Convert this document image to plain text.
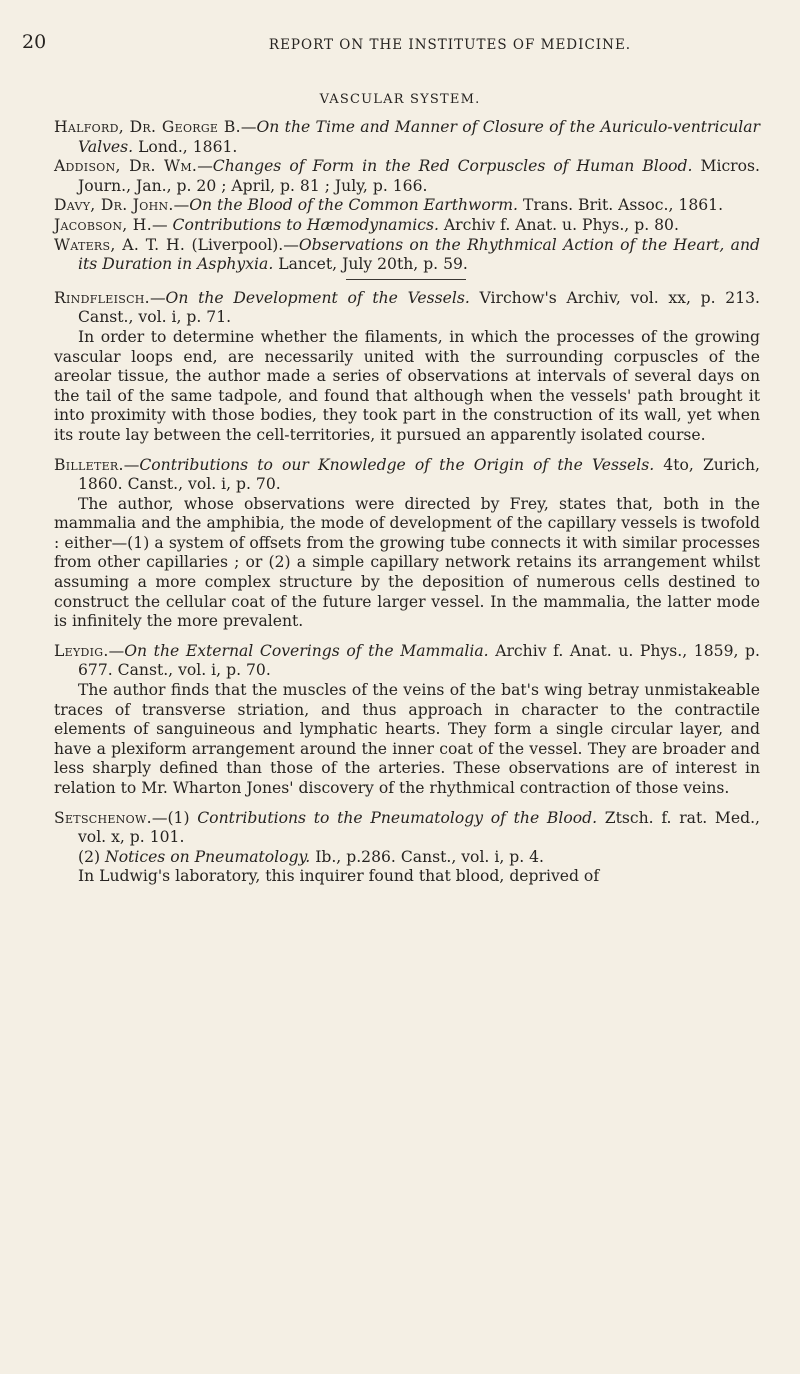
20	REPORT ON THE INSTITUTES OF MEDICINE.
VASCULAR SYSTEM.

Halford, Dr. George B.—On the Time and Manner of Closure of the Auriculo-ventricular Valves. Lond., 1861.

Addison, Dr. Wm.—Changes of Form in the Red Corpuscles of Human Blood. Micros. Journ., Jan., p. 20 ; April, p. 81 ; July, p. 166.

Davy, Dr. John.—On the Blood of the Common Earthworm. Trans. Brit. Assoc., 1861.

Jacobson, H.— Contributions to Hæmodynamics. Archiv f. Anat. u. Phys., p. 80.

Waters, A. T. H. (Liverpool).—Observations on the Rhythmical Action of the Heart, and its Duration in Asphyxia. Lancet, July 20th, p. 59.

Rindfleisch.—On the Development of the Vessels. Virchow's Archiv, vol. xx, p. 213. Canst., vol. i, p. 71.

In order to determine whether the filaments, in which the processes of the growing vascular loops end, are necessarily united with the surrounding corpuscles of the areolar tissue, the author made a series of observations at intervals of several days on the tail of the same tadpole, and found that although when the vessels' path brought it into proximity with those bodies, they took part in the construction of its wall, yet when its route lay between the cell-territories, it pursued an apparently isolated course.

Billeter.—Contributions to our Knowledge of the Origin of the Vessels. 4to, Zurich, 1860. Canst., vol. i, p. 70.

The author, whose observations were directed by Frey, states that, both in the mammalia and the amphibia, the mode of development of the capillary vessels is twofold : either—(1) a system of offsets from the growing tube connects it with similar processes from other capillaries ; or (2) a simple capillary network retains its arrangement whilst assuming a more complex structure by the deposition of numerous cells destined to construct the cellular coat of the future larger vessel. In the mammalia, the latter mode is infinitely the more prevalent.

Leydig.—On the External Coverings of the Mammalia. Archiv f. Anat. u. Phys., 1859, p. 677. Canst., vol. i, p. 70.

The author finds that the muscles of the veins of the bat's wing betray unmistakeable traces of transverse striation, and thus approach in character to the contractile elements of sanguineous and lymphatic hearts. They form a single circular layer, and have a plexiform arrangement around the inner coat of the vessel. They are broader and less sharply defined than those of the arteries. These observations are of interest in relation to Mr. Wharton Jones' discovery of the rhythmical contraction of those veins.

Setschenow.—(1) Contributions to the Pneumatology of the Blood. Ztsch. f. rat. Med., vol. x, p. 101.

(2) Notices on Pneumatology. Ib., p.286. Canst., vol. i, p. 4.

In Ludwig's laboratory, this inquirer found that blood, deprived of
